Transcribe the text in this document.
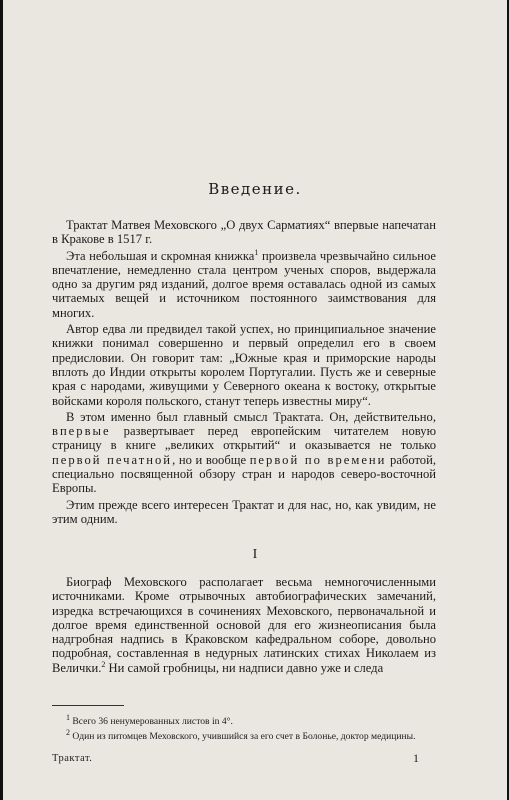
Введение.

Трактат Матвея Меховского „О двух Сарматиях“ впервые напечатан в Кракове в 1517 г.

Эта небольшая и скромная книжка$^1$ произвела чрезвычайно сильное впечатление, немедленно стала центром ученых споров, выдержала одно за другим ряд изданий, долгое время оставалась одной из самых читаемых вещей и источником постоянного заимствования для многих.

Автор едва ли предвидел такой успех, но принципиальное значение книжки понимал совершенно и первый определил его в своем предисловии. Он говорит там: „Южные края и приморские народы вплоть до Индии открыты королем Португалии. Пусть же и северные края с народами, живущими у Северного океана к востоку, открытые войсками короля польского, станут теперь известны миру“.

В этом именно был главный смысл Трактата. Он, действительно, впервые развертывает перед европейским читателем новую страницу в книге „великих открытий“ и оказывается не только первой печатной, но и вообще первой по времени работой, специально посвященной обзору стран и народов северо-восточной Европы.

Этим прежде всего интересен Трактат и для нас, но, как увидим, не этим одним.

I

Биограф Меховского располагает весьма немногочисленными источниками. Кроме отрывочных автобиографических замечаний, изредка встречающихся в сочинениях Меховского, первоначальной и долгое время единственной основой для его жизнеописания была надгробная надпись в Краковском кафедральном соборе, довольно подробная, составленная в недурных латинских стихах Николаем из Велички.$^2$ Ни самой гробницы, ни надписи давно уже и следа

$^1$ Всего 36 ненумерованных листов in 4°.

$^2$ Один из питомцев Меховского, учившийся за его счет в Болонье, доктор медицины.

Трактат.	1
